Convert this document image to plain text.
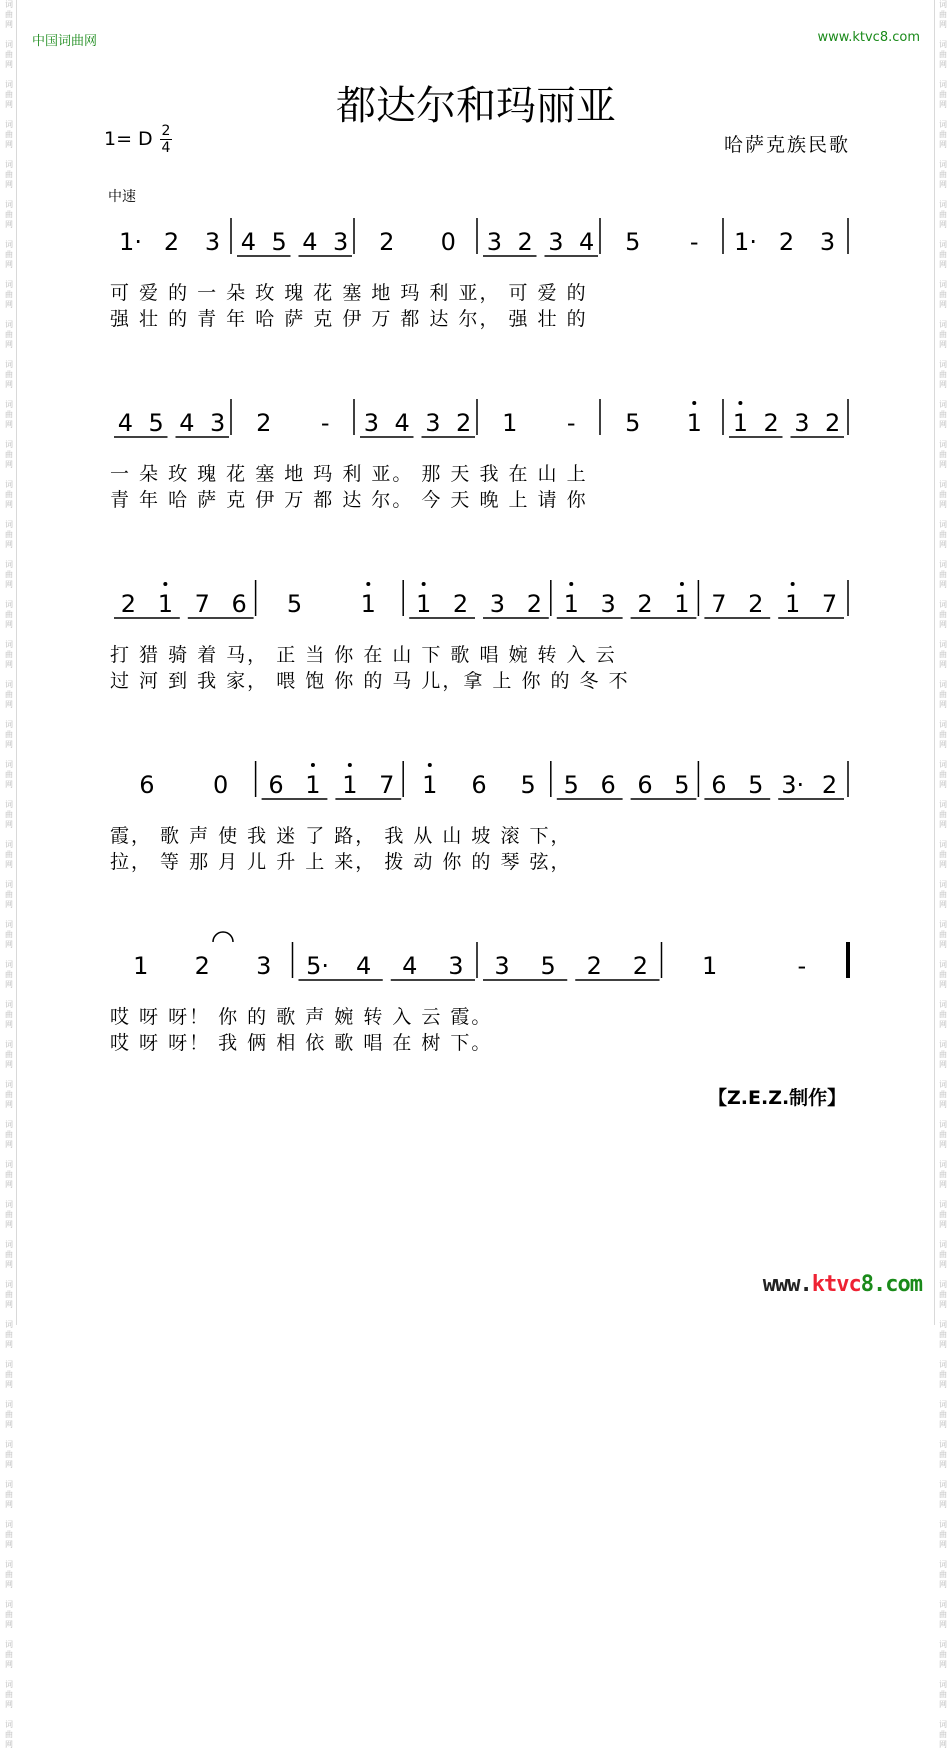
词
曲
网

词
曲
网

词
曲
网

词
曲
网

词
曲
网

词
曲
网

词
曲
网

词
曲
网

词
曲
网

词
曲
网

词
曲
网

词
曲
网

词
曲
网

词
曲
网

词
曲
网

词
曲
网

词
曲
网

词
曲
网

词
曲
网

词
曲
网

词
曲
网

词
曲
网

词
曲
网

词
曲
网

词
曲
网

词
曲
网

词
曲
网

词
曲
网

词
曲
网

词
曲
网

词
曲
网

词
曲
网

词
曲
网

词
曲
网

词
曲
网

词
曲
网

词
曲
网

词
曲
网

词
曲
网

词
曲
网

词
曲
网

词
曲
网

词
曲
网

词
曲
网

词
曲
网

词
曲
网

词
曲
网

词
曲
网

词
曲
网

词
曲
网

词
曲
网

词
曲
网

词
曲
网

词
曲
网

词
曲
网

词
曲
网

词
曲
网

词
曲
网

词
曲
网

词
曲
网

词
曲
网

词
曲
网

词
曲
网

词
曲
网

词
曲
网

词
曲
网

词
曲
网

词
曲
网

词
曲
网

词
曲
网

词
曲
网

词
曲
网

词
曲
网

词
曲
网

词
曲
网

词
曲
网

词
曲
网

词
曲
网

词
曲
网

词
曲
网

词
曲
网

词
曲
网

词
曲
网

词
曲
网

词
曲
网

词
曲
网

词
曲
网

词
曲
网

中国词曲网	www.ktvc8.com
都达尔和玛丽亚
1= D 2
4	哈萨克族民歌
中速
1· 2 3 4 5 4 3 2 0 3 2 3 4 5 - 1· 2 3
4 5 4 3 2 - 3 4 3 2 1 - 5 1 1 2 3 2
2 1 7 6 5 1 1 2 3 2 1 3 2 1 7 2 1 7
6 0 6 1 1 7 1 6 5 5 6 6 5 6 5 3· 2
1 2 3 5· 4 4 3 3 5 2 2 1	-
可 爱 的 一 朵 玫 瑰 花 塞 地 玛 利 亚， 可 爱 的
强 壮 的 青 年 哈 萨 克 伊 万 都 达 尔， 强 壮 的
一 朵 玫 瑰 花 塞 地 玛 利 亚。 那 天 我 在 山 上
青 年 哈 萨 克 伊 万 都 达 尔。 今 天 晚 上 请 你
打 猎 骑 着 马， 正 当 你 在 山 下 歌 唱 婉 转 入 云
过 河 到 我 家， 喂 饱 你 的 马 儿，拿 上 你 的 冬 不
霞， 歌 声 使 我 迷 了 路， 我 从 山 坡 滚 下，
拉， 等 那 月 儿 升 上 来， 拨 动 你 的 琴 弦，
哎 呀 呀！ 你 的 歌 声 婉 转 入 云 霞。
哎 呀 呀！ 我 俩 相 依 歌 唱 在 树 下。
【Z.E.Z.制作】
www.ktvc8.com
